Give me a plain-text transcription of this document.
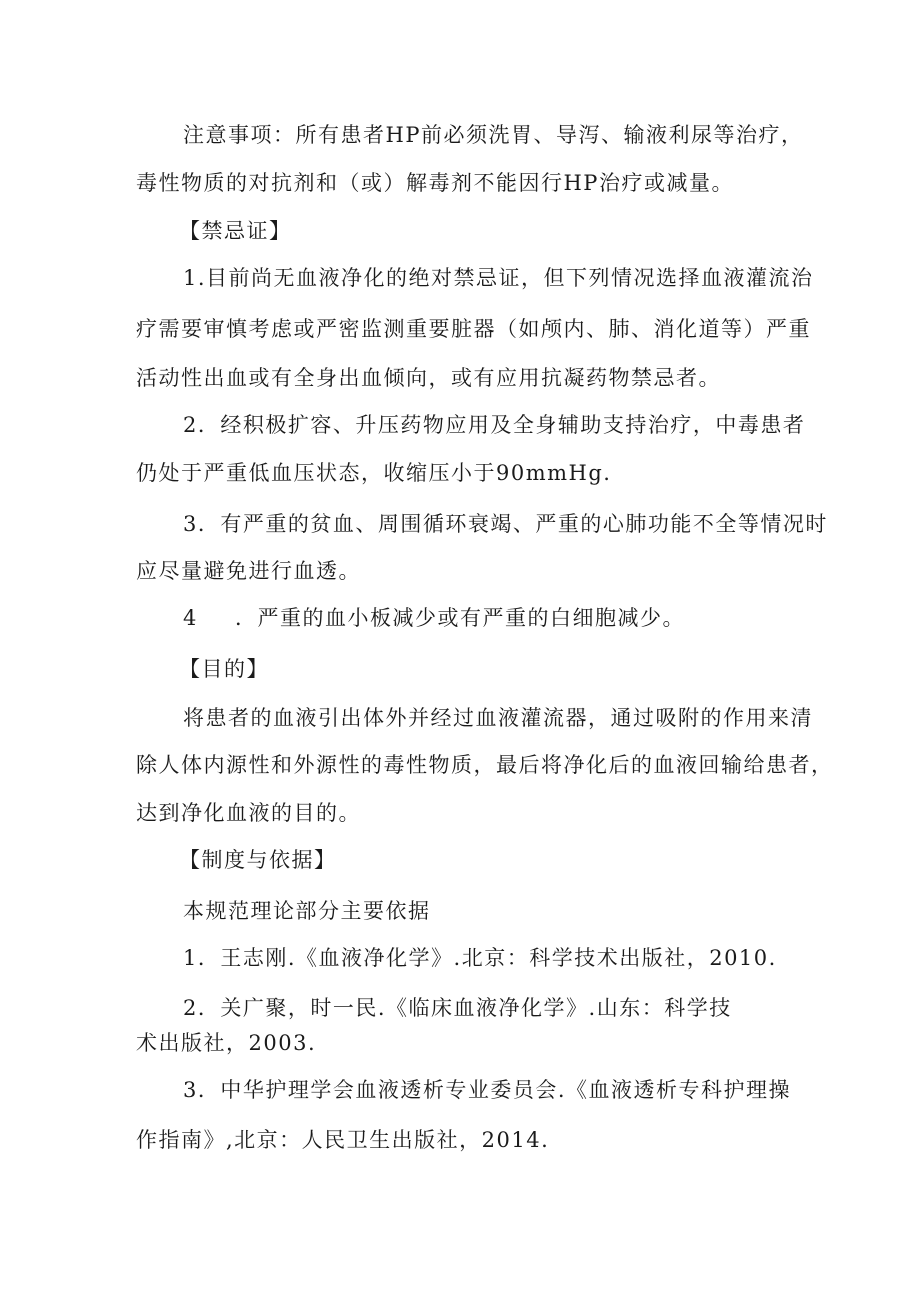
注意事项：所有患者HP前必须洗胃、导泻、输液利尿等治疗，
毒性物质的对抗剂和（或）解毒剂不能因行HP治疗或减量。
【禁忌证】
1.目前尚无血液净化的绝对禁忌证，但下列情况选择血液灌流治
疗需要审慎考虑或严密监测重要脏器（如颅内、肺、消化道等）严重
活动性出血或有全身出血倾向，或有应用抗凝药物禁忌者。
2．经积极扩容、升压药物应用及全身辅助支持治疗，中毒患者
仍处于严重低血压状态，收缩压小于90mmHg.
3．有严重的贫血、周围循环衰竭、严重的心肺功能不全等情况时
应尽量避免进行血透。
4 ．严重的血小板减少或有严重的白细胞减少。
【目的】
将患者的血液引出体外并经过血液灌流器，通过吸附的作用来清
除人体内源性和外源性的毒性物质，最后将净化后的血液回输给患者，
达到净化血液的目的。
【制度与依据】
本规范理论部分主要依据
1．王志刚.《血液净化学》.北京：科学技术出版社，2010.
2．关广聚，时一民.《临床血液净化学》.山东：科学技
术出版社，2003.
3．中华护理学会血液透析专业委员会.《血液透析专科护理操
作指南》,北京：人民卫生出版社，2014.
